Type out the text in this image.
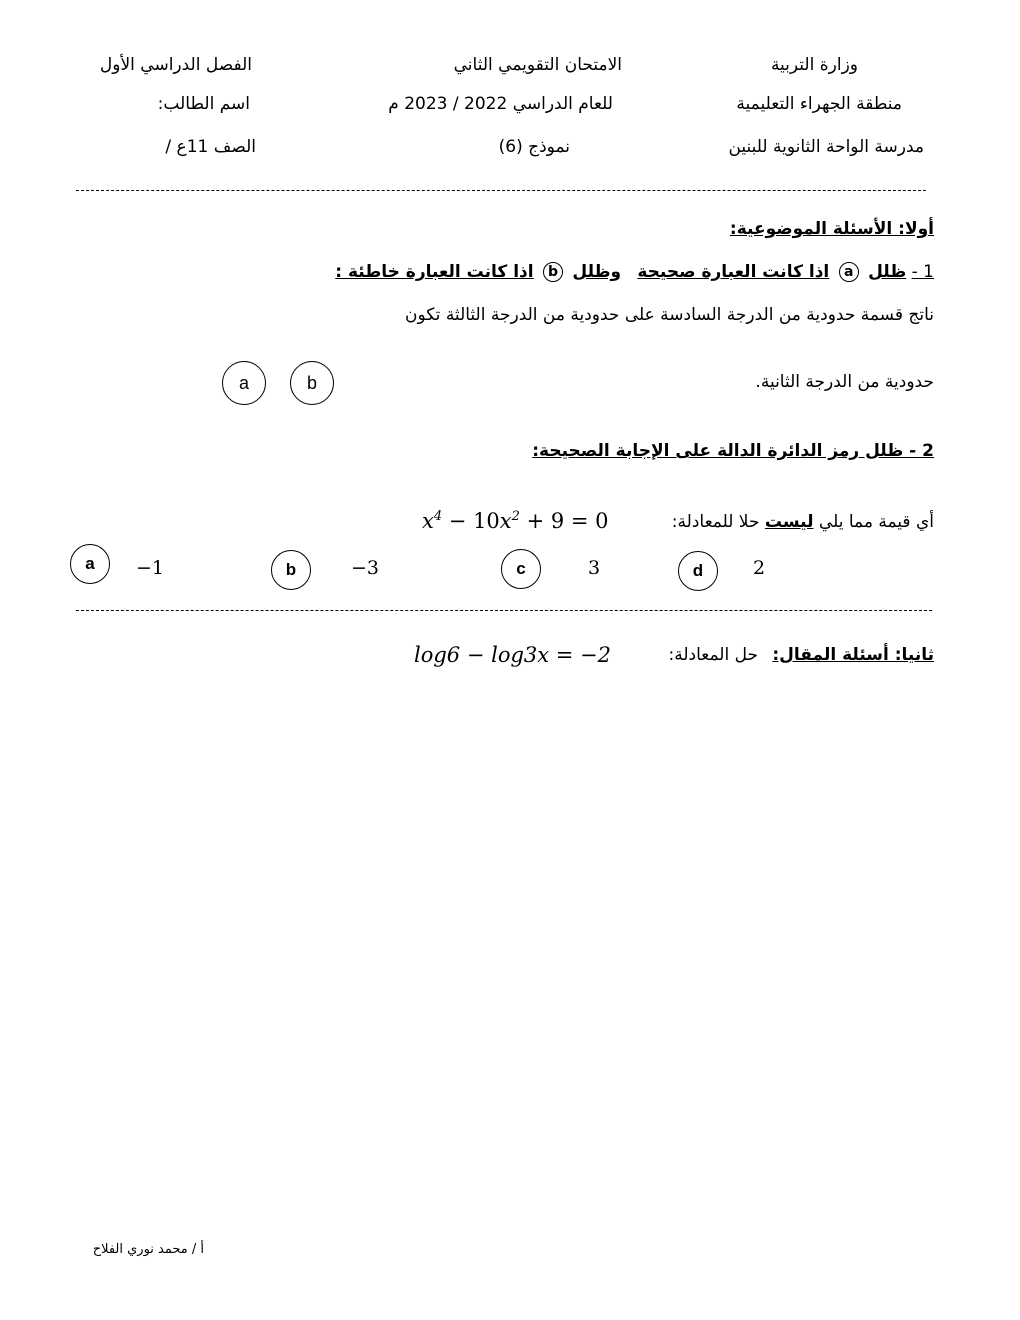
وزارة التربية
منطقة الجهراء التعليمية
مدرسة الواحة الثانوية للبنين
الامتحان التقويمي الثاني
للعام الدراسي 2022 / 2023 م
نموذج (6)
الفصل الدراسي الأول
اسم الطالب:
الصف 11ع /
أولا: الأسئلة الموضوعية:
1 - ظلل a اذا كانت العبارة صحيحة   وظلل b اذا كانت العبارة خاطئة :
ناتج قسمة حدودية من الدرجة السادسة على حدودية من الدرجة الثالثة تكون
حدودية من الدرجة الثانية.
b
a
2 - ظلل رمز الدائرة الدالة على الإجابة الصحيحة:
أي قيمة مما يلي ليست حلا للمعادلة:
$x^4 - 10x^2 + 9 = 0$
a	−1	b	−3	c	3	d	2
ثانيا: أسئلة المقال:
حل المعادلة:
log6 − log3x = −2
أ / محمد نوري الفلاح
